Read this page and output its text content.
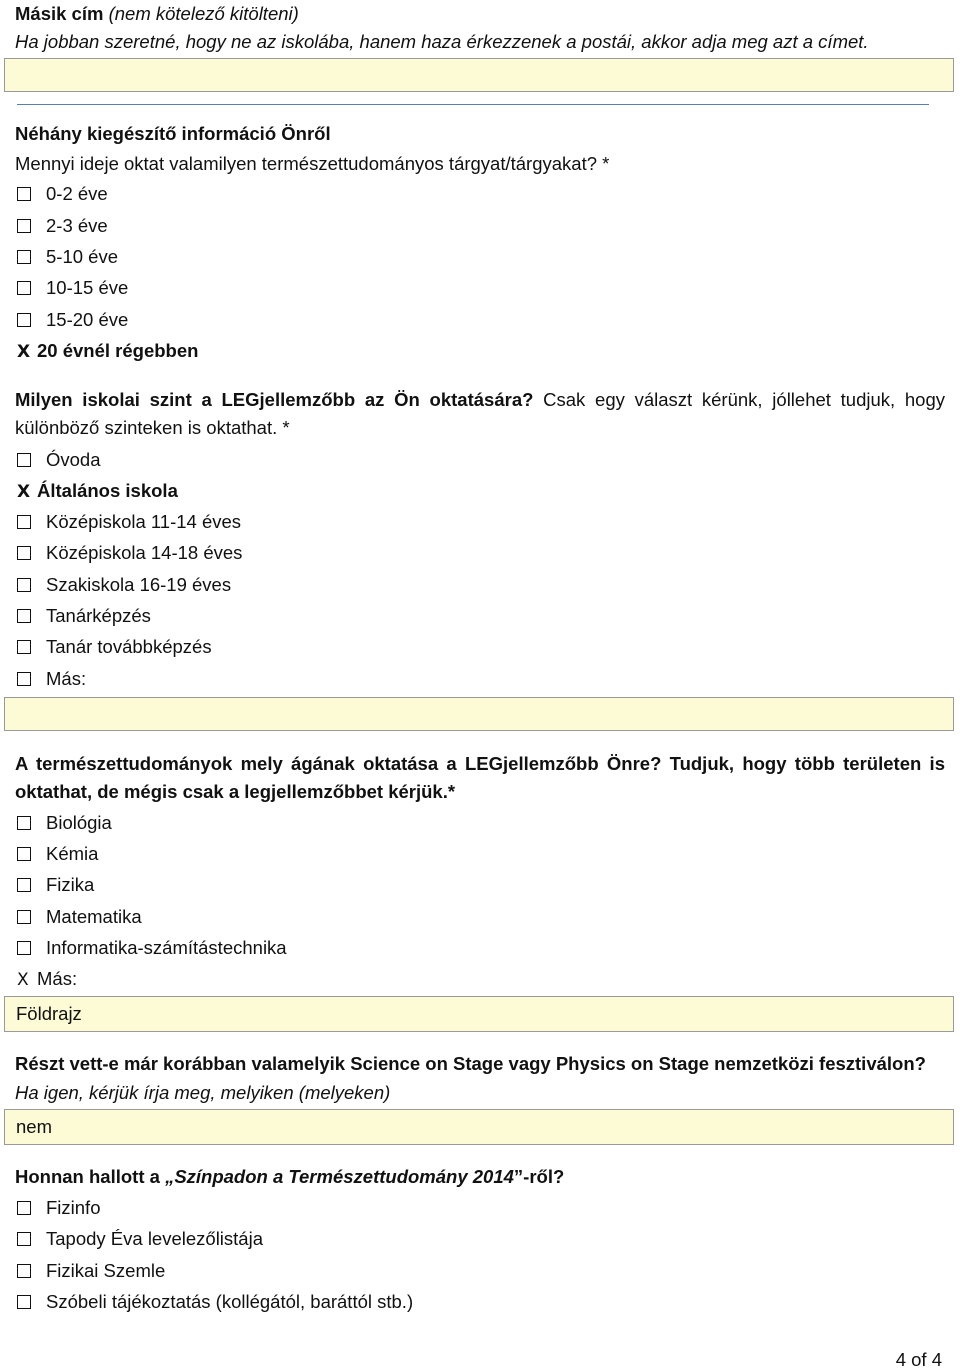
Másik cím (nem kötelező kitölteni)
Ha jobban szeretné, hogy ne az iskolába, hanem haza érkezzenek a postái, akkor adja meg azt a címet.
Néhány kiegészítő információ Önről
Mennyi ideje oktat valamilyen természettudományos tárgyat/tárgyakat? *
0-2 éve
2-3 éve
5-10 éve
10-15 éve
15-20 éve
X 20 évnél régebben
Milyen iskolai szint a LEGjellemzőbb az Ön oktatására? Csak egy választ kérünk, jóllehet tudjuk, hogy különböző szinteken is oktathat. *
Óvoda
X Általános iskola
Középiskola 11-14 éves
Középiskola 14-18 éves
Szakiskola 16-19 éves
Tanárképzés
Tanár továbbképzés
Más:
A természettudományok mely ágának oktatása a LEGjellemzőbb Önre? Tudjuk, hogy több területen is oktathat, de mégis csak a legjellemzőbbet kérjük.*
Biológia
Kémia
Fizika
Matematika
Informatika-számítástechnika
X Más:
Földrajz
Részt vett-e már korábban valamelyik Science on Stage vagy Physics on Stage nemzetközi fesztiválon?
Ha igen, kérjük írja meg, melyiken (melyeken)
nem
Honnan hallott a „Színpadon a Természettudomány 2014”-ről?
Fizinfo
Tapody Éva levelezőlistája
Fizikai Szemle
Szóbeli tájékoztatás (kollégától, baráttól stb.)
4 of 4
